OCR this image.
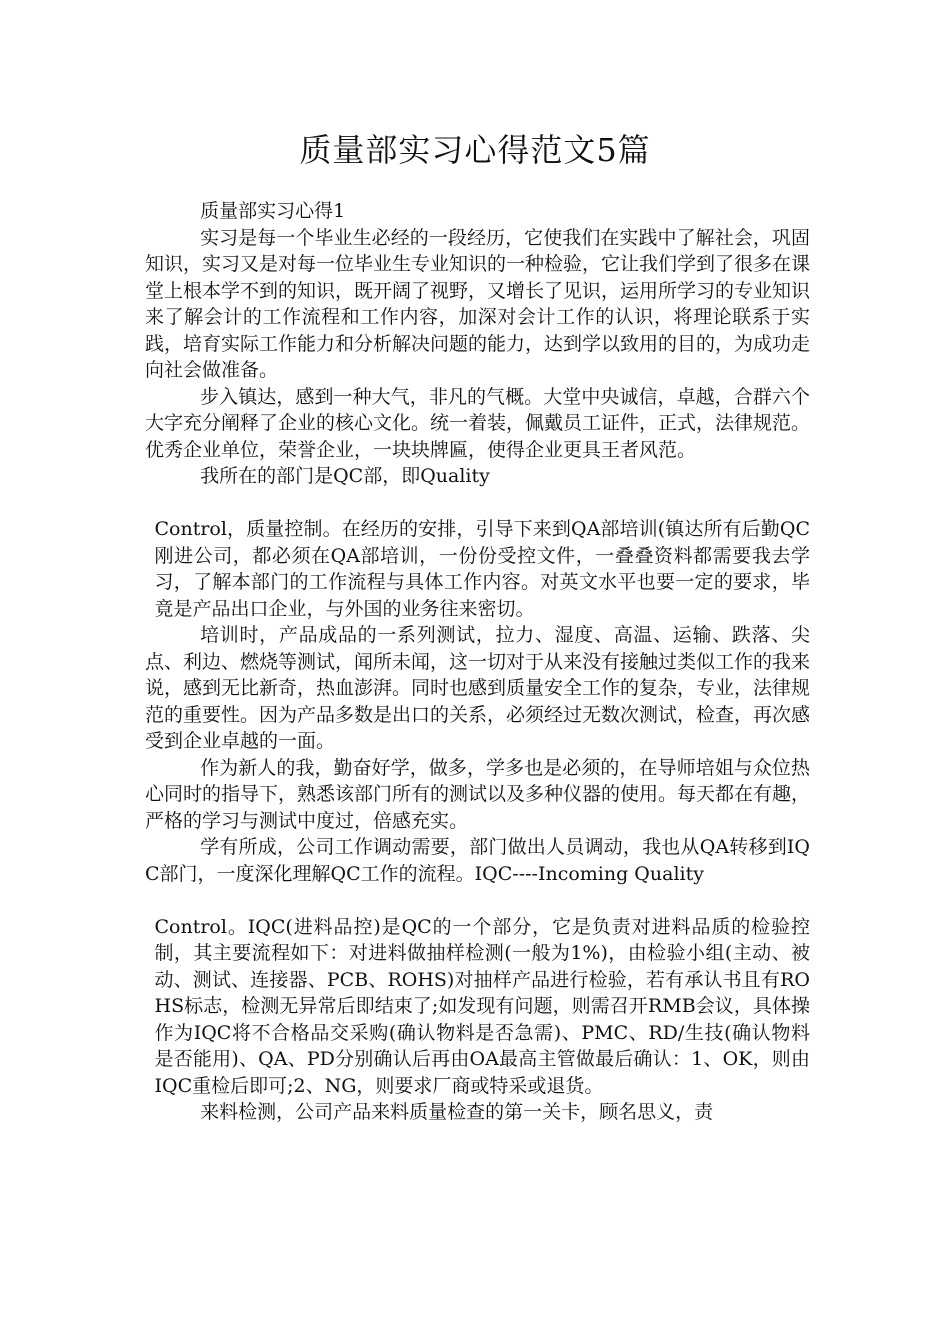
质量部实习心得范文5篇

质量部实习心得1

实习是每一个毕业生必经的一段经历，它使我们在实践中了解社会，巩固知识，实习又是对每一位毕业生专业知识的一种检验，它让我们学到了很多在课堂上根本学不到的知识，既开阔了视野，又增长了见识，运用所学习的专业知识来了解会计的工作流程和工作内容，加深对会计工作的认识，将理论联系于实践，培育实际工作能力和分析解决问题的能力，达到学以致用的目的，为成功走向社会做准备。

步入镇达，感到一种大气，非凡的气概。大堂中央诚信，卓越，合群六个大字充分阐释了企业的核心文化。统一着装，佩戴员工证件，正式，法律规范。优秀企业单位，荣誉企业，一块块牌匾，使得企业更具王者风范。

我所在的部门是QC部，即Quality

Control，质量控制。在经历的安排，引导下来到QA部培训(镇达所有后勤QC刚进公司，都必须在QA部培训，一份份受控文件，一叠叠资料都需要我去学习，了解本部门的工作流程与具体工作内容。对英文水平也要一定的要求，毕竟是产品出口企业，与外国的业务往来密切。

培训时，产品成品的一系列测试，拉力、湿度、高温、运输、跌落、尖点、利边、燃烧等测试，闻所未闻，这一切对于从来没有接触过类似工作的我来说，感到无比新奇，热血澎湃。同时也感到质量安全工作的复杂，专业，法律规范的重要性。因为产品多数是出口的关系，必须经过无数次测试，检查，再次感受到企业卓越的一面。

作为新人的我，勤奋好学，做多，学多也是必须的，在导师培姐与众位热心同时的指导下，熟悉该部门所有的测试以及多种仪器的使用。每天都在有趣，严格的学习与测试中度过，倍感充实。

学有所成，公司工作调动需要，部门做出人员调动，我也从QA转移到IQC部门，一度深化理解QC工作的流程。IQC----Incoming Quality

Control。IQC(进料品控)是QC的一个部分，它是负责对进料品质的检验控制，其主要流程如下：对进料做抽样检测(一般为1%)，由检验小组(主动、被动、测试、连接器、PCB、ROHS)对抽样产品进行检验，若有承认书且有ROHS标志，检测无异常后即结束了;如发现有问题，则需召开RMB会议，具体操作为IQC将不合格品交采购(确认物料是否急需)、PMC、RD/生技(确认物料是否能用)、QA、PD分别确认后再由OA最高主管做最后确认：1、OK，则由IQC重检后即可;2、NG，则要求厂商或特采或退货。

来料检测，公司产品来料质量检查的第一关卡，顾名思义，责
